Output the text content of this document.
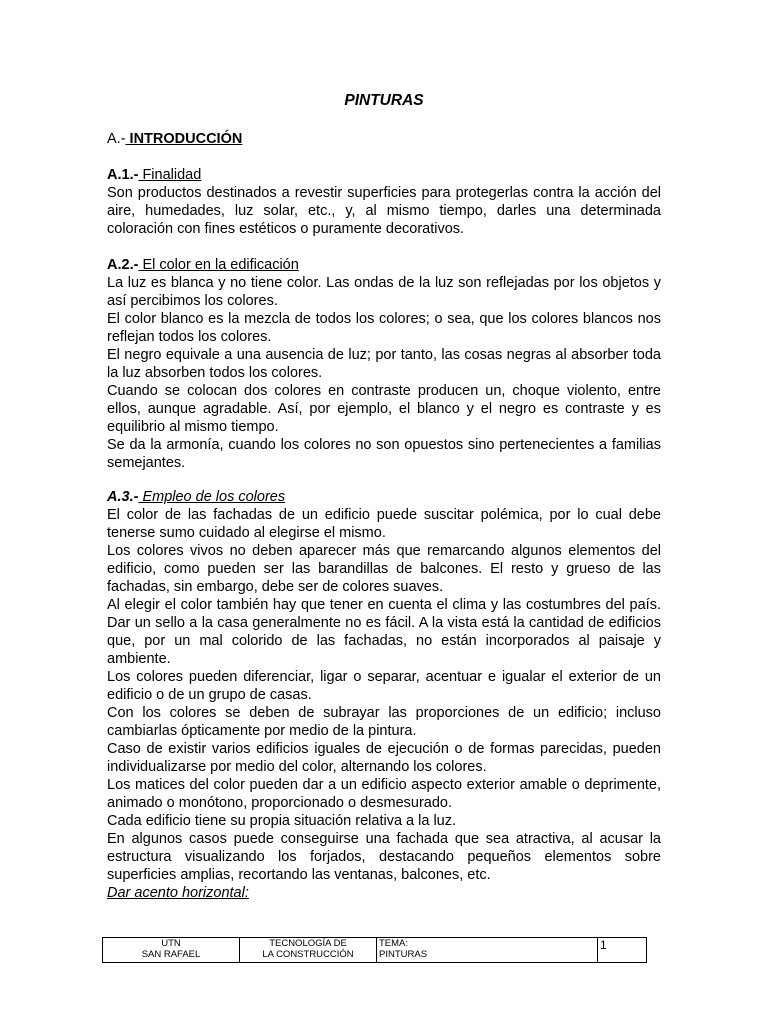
PINTURAS
A.- INTRODUCCIÓN

A.1.- Finalidad

Son productos destinados a revestir superficies para protegerlas contra la acción del aire, humedades, luz solar, etc., y, al mismo tiempo, darles una determinada coloración con fines estéticos o puramente decorativos.

A.2.- El color en la edificación

La luz es blanca y no tiene color. Las ondas de la luz son reflejadas por los objetos y así percibimos los colores.

El color blanco es la mezcla de todos los colores; o sea, que los colores blancos nos reflejan todos los colores.

El negro equivale a una ausencia de luz; por tanto, las cosas negras al absorber toda la luz absorben todos los colores.

Cuando se colocan dos colores en contraste producen un, choque violento, entre ellos, aunque agradable. Así, por ejemplo, el blanco y el negro es contraste y es equilibrio al mismo tiempo.

Se da la armonía, cuando los colores no son opuestos sino pertenecientes a familias semejantes.

A.3.- Empleo de los colores

El color de las fachadas de un edificio puede suscitar polémica, por lo cual debe tenerse sumo cuidado al elegirse el mismo.

Los colores vivos no deben aparecer más que remarcando algunos elementos del edificio, como pueden ser las barandillas de balcones. El resto y grueso de las fachadas, sin embargo, debe ser de colores suaves.

Al elegir el color también hay que tener en cuenta el clima y las costumbres del país. Dar un sello a la casa generalmente no es fácil. A la vista está la cantidad de edificios que, por un mal colorido de las fachadas, no están incorporados al paisaje y ambiente.

Los colores pueden diferenciar, ligar o separar, acentuar e igualar el exterior de un edificio o de un grupo de casas.

Con los colores se deben de subrayar las proporciones de un edificio; incluso cambiarlas ópticamente por medio de la pintura.

Caso de existir varios edificios iguales de ejecución o de formas parecidas, pueden individualizarse por medio del color, alternando los colores.

Los matices del color pueden dar a un edificio aspecto exterior amable o deprimente, animado o monótono, proporcionado o desmesurado.

Cada edificio tiene su propia situación relativa a la luz.

En algunos casos puede conseguirse una fachada que sea atractiva, al acusar la estructura visualizando los forjados, destacando pequeños elementos sobre superficies amplias, recortando las ventanas, balcones, etc.

Dar acento horizontal:

UTN
SAN RAFAEL

TECNOLOGÍA DE
LA CONSTRUCCIÓN

TEMA:
PINTURAS
	1
